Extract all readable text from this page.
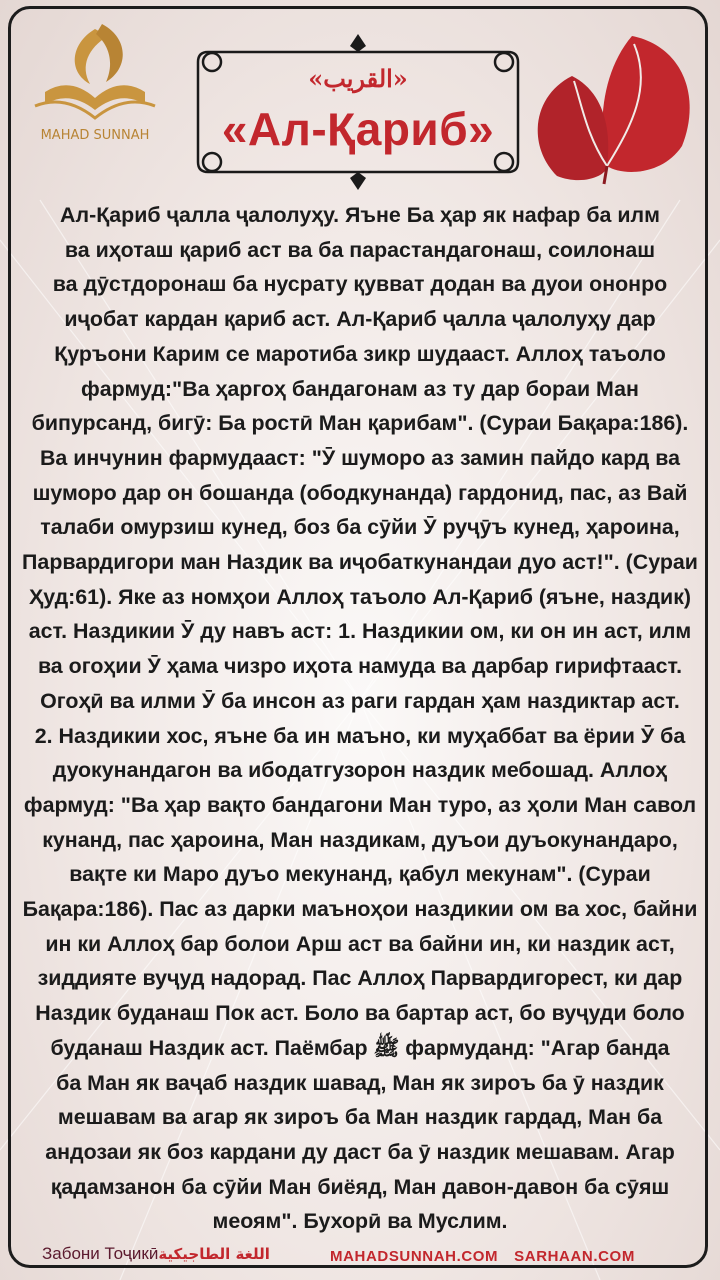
MAHAD SUNNAH
«القريب»
«Ал-Қариб»
Ал-Қариб ҷалла ҷалолуҳу. Яъне Ба ҳар як нафар ба илм
ва иҳоташ қариб аст ва ба парастандагонаш, соилонаш
ва дӯстдоронаш ба нусрату қувват додан ва дуои ононро
иҷобат кардан қариб аст. Ал-Қариб ҷалла ҷалолуҳу дар
Қуръони Карим се маротиба зикр шудааст. Аллоҳ таъоло
фармуд:"Ва ҳаргоҳ бандагонам аз ту дар бораи Ман
бипурсанд, бигӯ: Ба ростӣ Ман қарибам". (Сураи Бақара:186).
Ва инчунин фармудааст: "Ӯ шуморо аз замин пайдо кард ва
шуморо дар он бошанда (ободкунанда) гардонид, пас, аз Вай
талаби омурзиш кунед, боз ба сӯйи Ӯ руҷӯъ кунед, ҳароина,
Парвардигори ман Наздик ва иҷобаткунандаи дуо аст!". (Сураи
Ҳуд:61). Яке аз номҳои Аллоҳ таъоло Ал-Қариб (яъне, наздик)
аст. Наздикии Ӯ ду навъ аст: 1. Наздикии ом, ки он ин аст, илм
ва огоҳии Ӯ ҳама чизро иҳота намуда ва дарбар гирифтааст.
Огоҳӣ ва илми Ӯ ба инсон аз раги гардан ҳам наздиктар аст.
2. Наздикии хос, яъне ба ин маъно, ки муҳаббат ва ёрии Ӯ ба
дуокунандагон ва ибодатгузорон наздик мебошад. Аллоҳ
фармуд: "Ва ҳар вақто бандагони Ман туро, аз ҳоли Ман савол
кунанд, пас ҳароина, Ман наздикам, дуъои дуъокунандаро,
вақте ки Маро дуъо мекунанд, қабул мекунам". (Сураи
Бақара:186). Пас аз дарки маъноҳои наздикии ом ва хос, байни
ин ки Аллоҳ бар болои Арш аст ва байни ин, ки наздик аст,
зиддияте вуҷуд надорад. Пас Аллоҳ Парвардигорест, ки дар
Наздик буданаш Пок аст. Боло ва бартар аст, бо вуҷуди боло
буданаш Наздик аст. Паёмбар ﷺ фармуданд: "Агар банда
ба Ман як ваҷаб наздик шавад, Ман як зироъ ба ӯ наздик
мешавам ва агар як зироъ ба Ман наздик гардад, Ман ба
андозаи як боз кардани ду даст ба ӯ наздик мешавам. Агар
қадамзанон ба сӯйи Ман биёяд, Ман давон-давон ба сӯяш
меоям". Бухорӣ ва Муслим.
Забони Тоҷикӣاللغة الطاجيكية	MAHADSUNNAH.COM SARHAAN.COM
